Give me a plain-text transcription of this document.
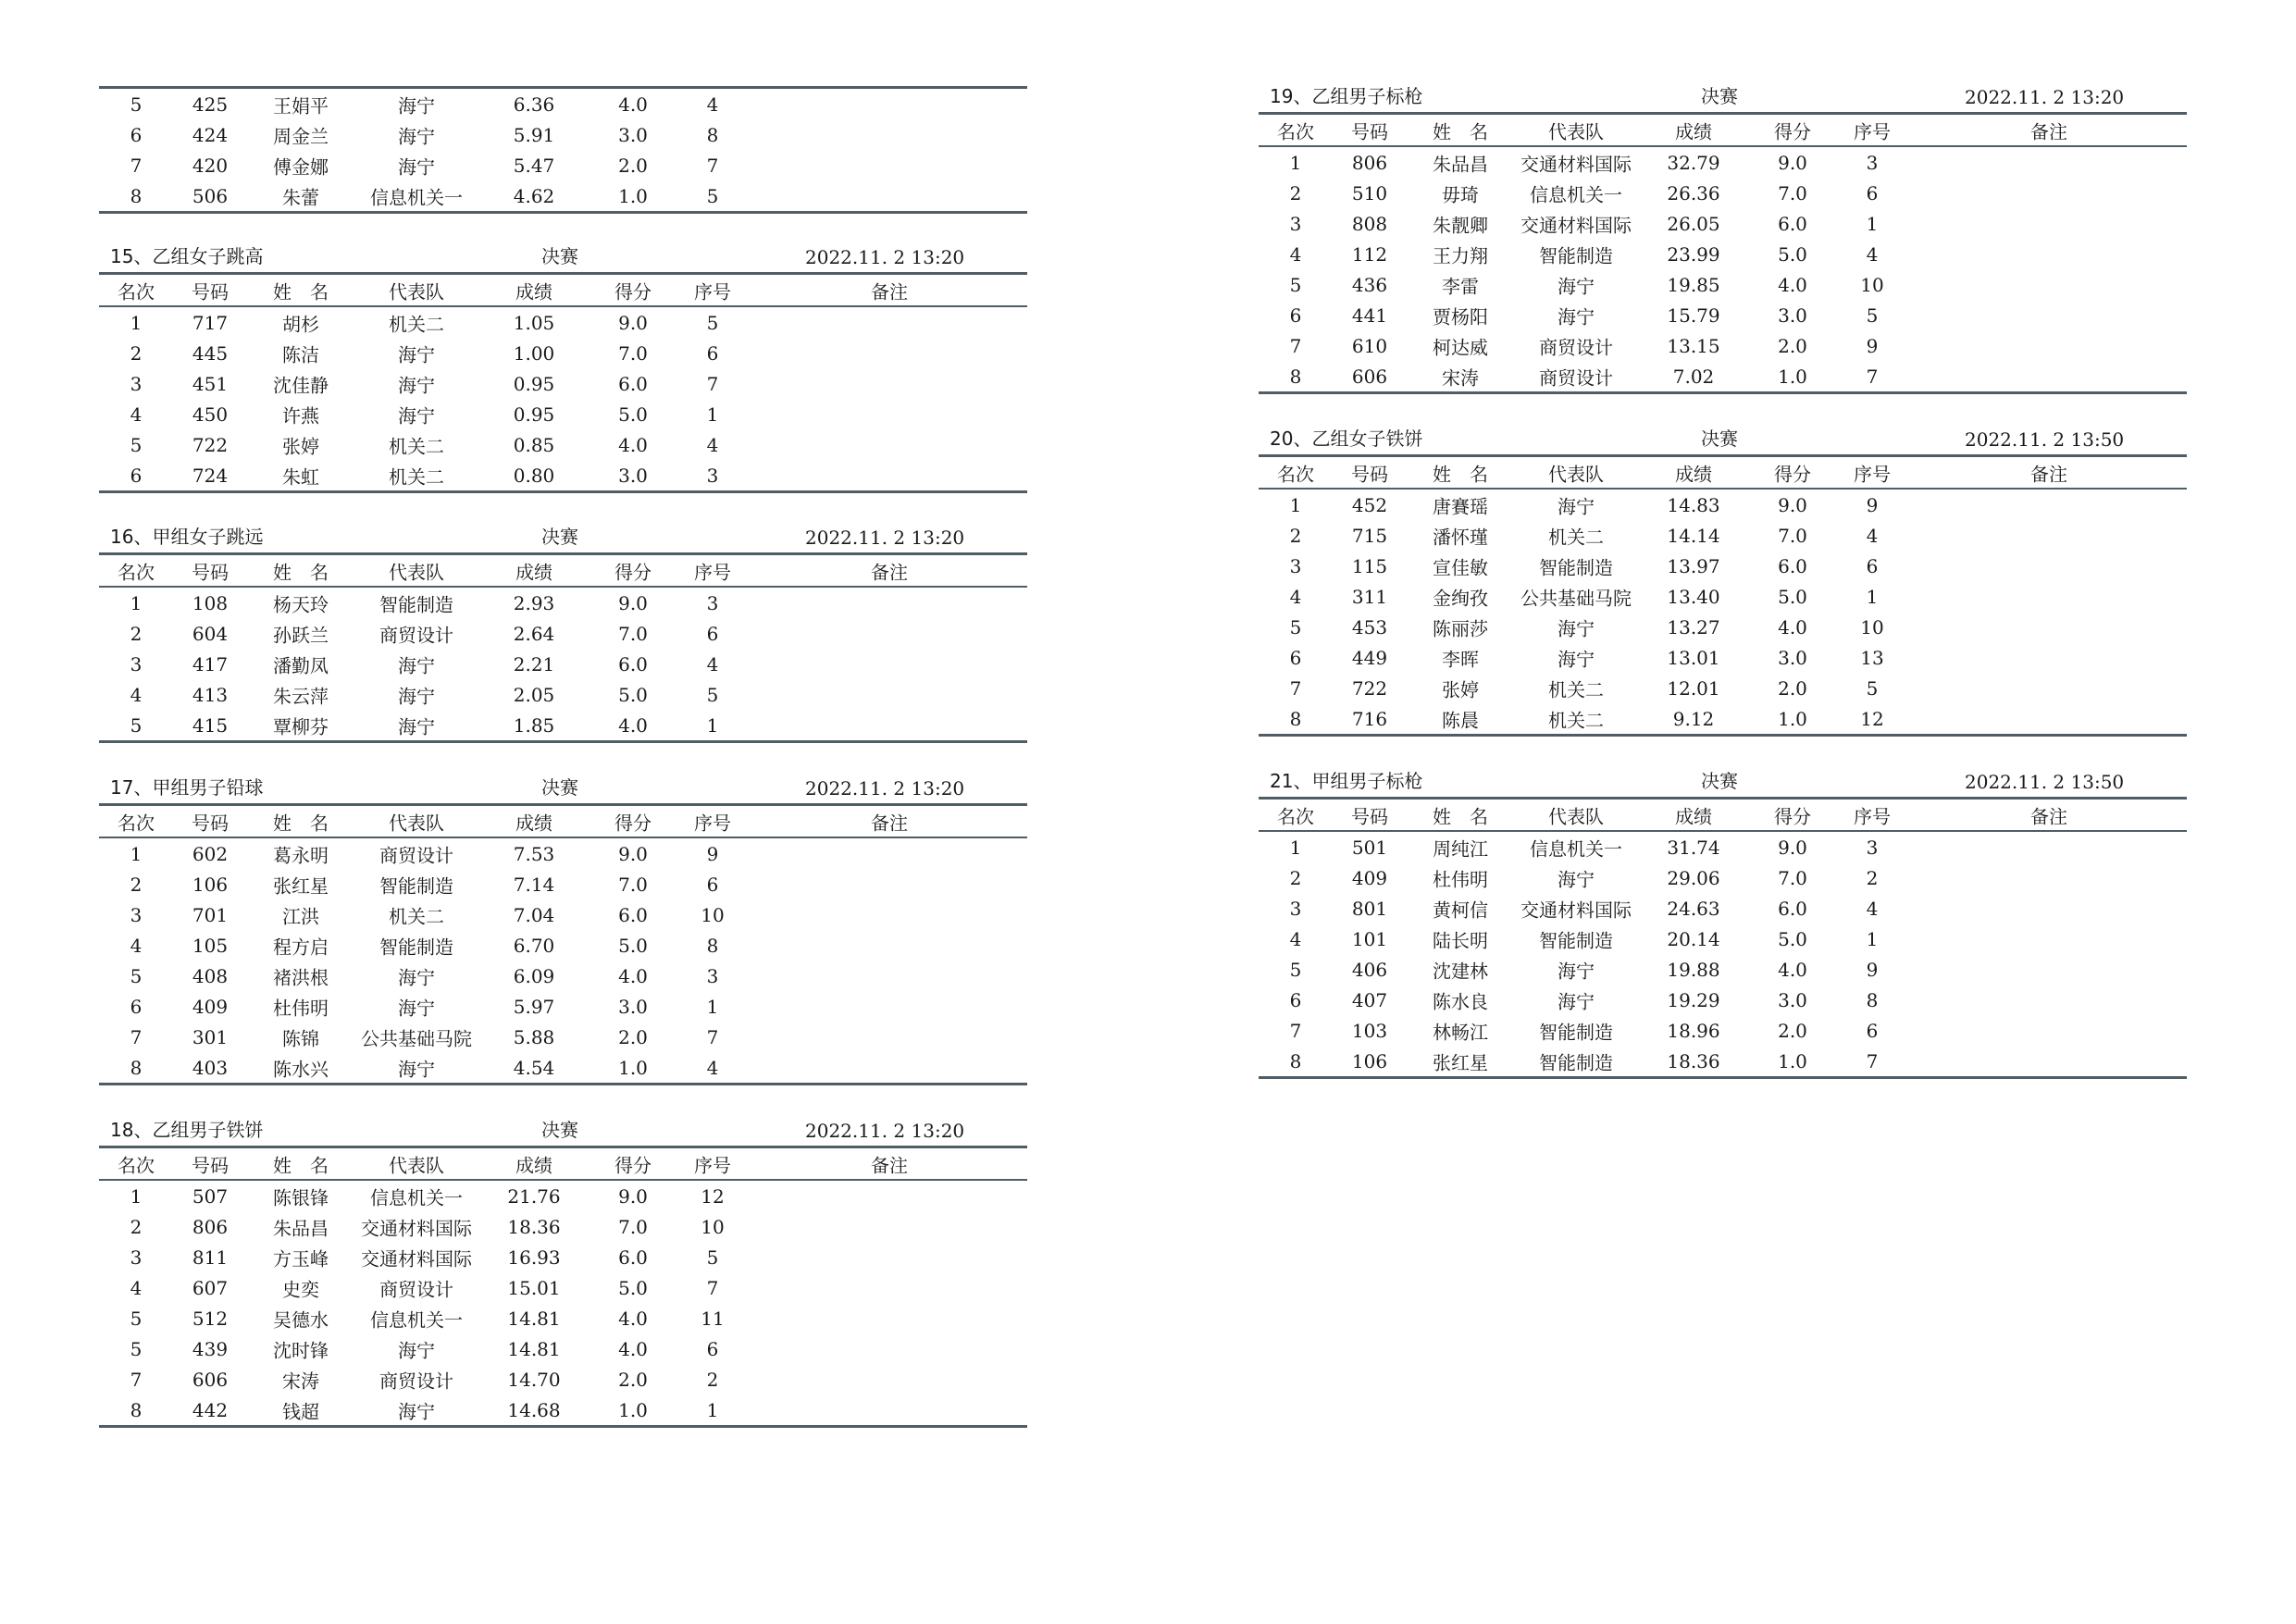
5	425 王娟平	海宁	6.36	4.0	4
6	424 周金兰	海宁	5.91	3.0	8
7	420 傅金娜	海宁	5.47	2.0	7
8	506	朱蕾	信息机关一	4.62	1.0	5
15、乙组女子跳高	决赛	2022.11. 2 13:20
名次 号码 姓　名	代表队	成绩	得分 序号	备注
1	717	胡杉	机关二	1.05	9.0	5
2	445	陈洁	海宁	1.00	7.0	6
3	451 沈佳静	海宁	0.95	6.0	7
4	450	许燕	海宁	0.95	5.0	1
5	722	张婷	机关二	0.85	4.0	4
6	724	朱虹	机关二	0.80	3.0	3
16、甲组女子跳远	决赛	2022.11. 2 13:20
名次 号码 姓　名	代表队	成绩	得分 序号	备注
1	108 杨天玲	智能制造	2.93	9.0	3
2	604 孙跃兰	商贸设计	2.64	7.0	6
3	417 潘勤凤	海宁	2.21	6.0	4
4	413 朱云萍	海宁	2.05	5.0	5
5	415 覃柳芬	海宁	1.85	4.0	1
17、甲组男子铅球	决赛	2022.11. 2 13:20
名次 号码 姓　名	代表队	成绩	得分 序号	备注
1	602 葛永明	商贸设计	7.53	9.0	9
2	106 张红星	智能制造	7.14	7.0	6
3	701	江洪	机关二	7.04	6.0	10
4	105 程方启	智能制造	6.70	5.0	8
5	408 褚洪根	海宁	6.09	4.0	3
6	409 杜伟明	海宁	5.97	3.0	1
7	301	陈锦 公共基础马院 5.88	2.0	7
8	403 陈水兴	海宁	4.54	1.0	4
18、乙组男子铁饼	决赛	2022.11. 2 13:20
名次 号码 姓　名	代表队	成绩	得分 序号	备注
1	507 陈银锋 信息机关一 21.76	9.0	12
2	806 朱品昌 交通材料国际 18.36	7.0	10
3	811 方玉峰 交通材料国际 16.93	6.0	5
4	607	史奕	商贸设计	15.01	5.0	7
5	512 吴德水 信息机关一 14.81	4.0	11
5	439 沈时锋	海宁	14.81	4.0	6
7	606	宋涛	商贸设计	14.70	2.0	2
8	442	钱超	海宁	14.68	1.0	1
19、乙组男子标枪	决赛	2022.11. 2 13:20
名次 号码 姓　名	代表队	成绩	得分 序号	备注
1	806 朱品昌 交通材料国际 32.79	9.0	3
2	510	毋琦	信息机关一 26.36	7.0	6
3	808 朱靓卿 交通材料国际 26.05	6.0	1
4	112 王力翔	智能制造	23.99	5.0	4
5	436	李雷	海宁	19.85	4.0	10
6	441 贾杨阳	海宁	15.79	3.0	5
7	610 柯达威	商贸设计	13.15	2.0	9
8	606	宋涛	商贸设计	7.02	1.0	7
20、乙组女子铁饼	决赛	2022.11. 2 13:50
名次 号码 姓　名	代表队	成绩	得分 序号	备注
1	452 唐賽瑶	海宁	14.83	9.0	9
2	715 潘怀瑾	机关二	14.14	7.0	4
3	115 宣佳敏	智能制造	13.97	6.0	6
4	311 金绚孜 公共基础马院 13.40	5.0	1
5	453 陈丽莎	海宁	13.27	4.0	10
6	449	李晖	海宁	13.01	3.0	13
7	722	张婷	机关二	12.01	2.0	5
8	716	陈晨	机关二	9.12	1.0	12
21、甲组男子标枪	决赛	2022.11. 2 13:50
名次 号码 姓　名	代表队	成绩	得分 序号	备注
1	501 周纯江 信息机关一 31.74	9.0	3
2	409 杜伟明	海宁	29.06	7.0	2
3	801 黄柯信 交通材料国际 24.63	6.0	4
4	101 陆长明	智能制造	20.14	5.0	1
5	406 沈建林	海宁	19.88	4.0	9
6	407 陈水良	海宁	19.29	3.0	8
7	103 林畅江	智能制造	18.96	2.0	6
8	106 张红星	智能制造	18.36	1.0	7
